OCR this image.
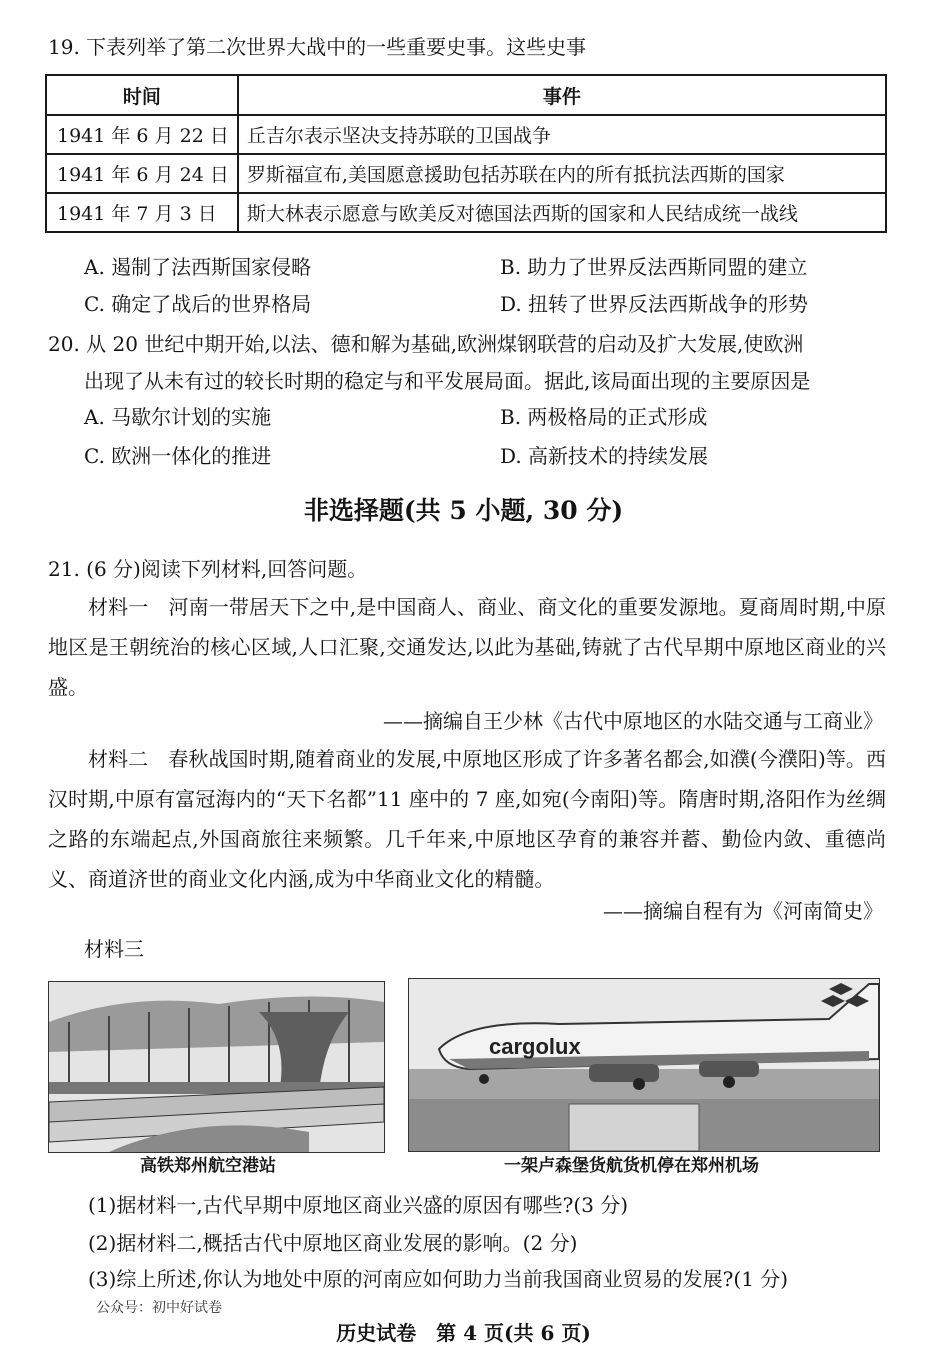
19. 下表列举了第二次世界大战中的一些重要史事。这些史事
时间	事件
1941 年 6 月 22 日	丘吉尔表示坚决支持苏联的卫国战争
1941 年 6 月 24 日	罗斯福宣布,美国愿意援助包括苏联在内的所有抵抗法西斯的国家
1941 年 7 月 3 日	斯大林表示愿意与欧美反对德国法西斯的国家和人民结成统一战线
A. 遏制了法西斯国家侵略	B. 助力了世界反法西斯同盟的建立
C. 确定了战后的世界格局	D. 扭转了世界反法西斯战争的形势
20. 从 20 世纪中期开始,以法、德和解为基础,欧洲煤钢联营的启动及扩大发展,使欧洲
出现了从未有过的较长时期的稳定与和平发展局面。据此,该局面出现的主要原因是
A. 马歇尔计划的实施	B. 两极格局的正式形成
C. 欧洲一体化的推进	D. 高新技术的持续发展
非选择题(共 5 小题, 30 分)
21. (6 分)阅读下列材料,回答问题。
材料一　河南一带居天下之中,是中国商人、商业、商文化的重要发源地。夏商周时期,中原地区是王朝统治的核心区域,人口汇聚,交通发达,以此为基础,铸就了古代早期中原地区商业的兴盛。
——摘编自王少林《古代中原地区的水陆交通与工商业》
材料二　春秋战国时期,随着商业的发展,中原地区形成了许多著名都会,如濮(今濮阳)等。西汉时期,中原有富冠海内的“天下名都”11 座中的 7 座,如宛(今南阳)等。隋唐时期,洛阳作为丝绸之路的东端起点,外国商旅往来频繁。几千年来,中原地区孕育的兼容并蓄、勤俭内敛、重德尚义、商道济世的商业文化内涵,成为中华商业文化的精髓。
——摘编自程有为《河南简史》
材料三
高铁郑州航空港站
cargolux
一架卢森堡货航货机停在郑州机场
(1)据材料一,古代早期中原地区商业兴盛的原因有哪些?(3 分)
(2)据材料二,概括古代中原地区商业发展的影响。(2 分)
(3)综上所述,你认为地处中原的河南应如何助力当前我国商业贸易的发展?(1 分)
公众号：初中好试卷
历史试卷　第 4 页(共 6 页)
